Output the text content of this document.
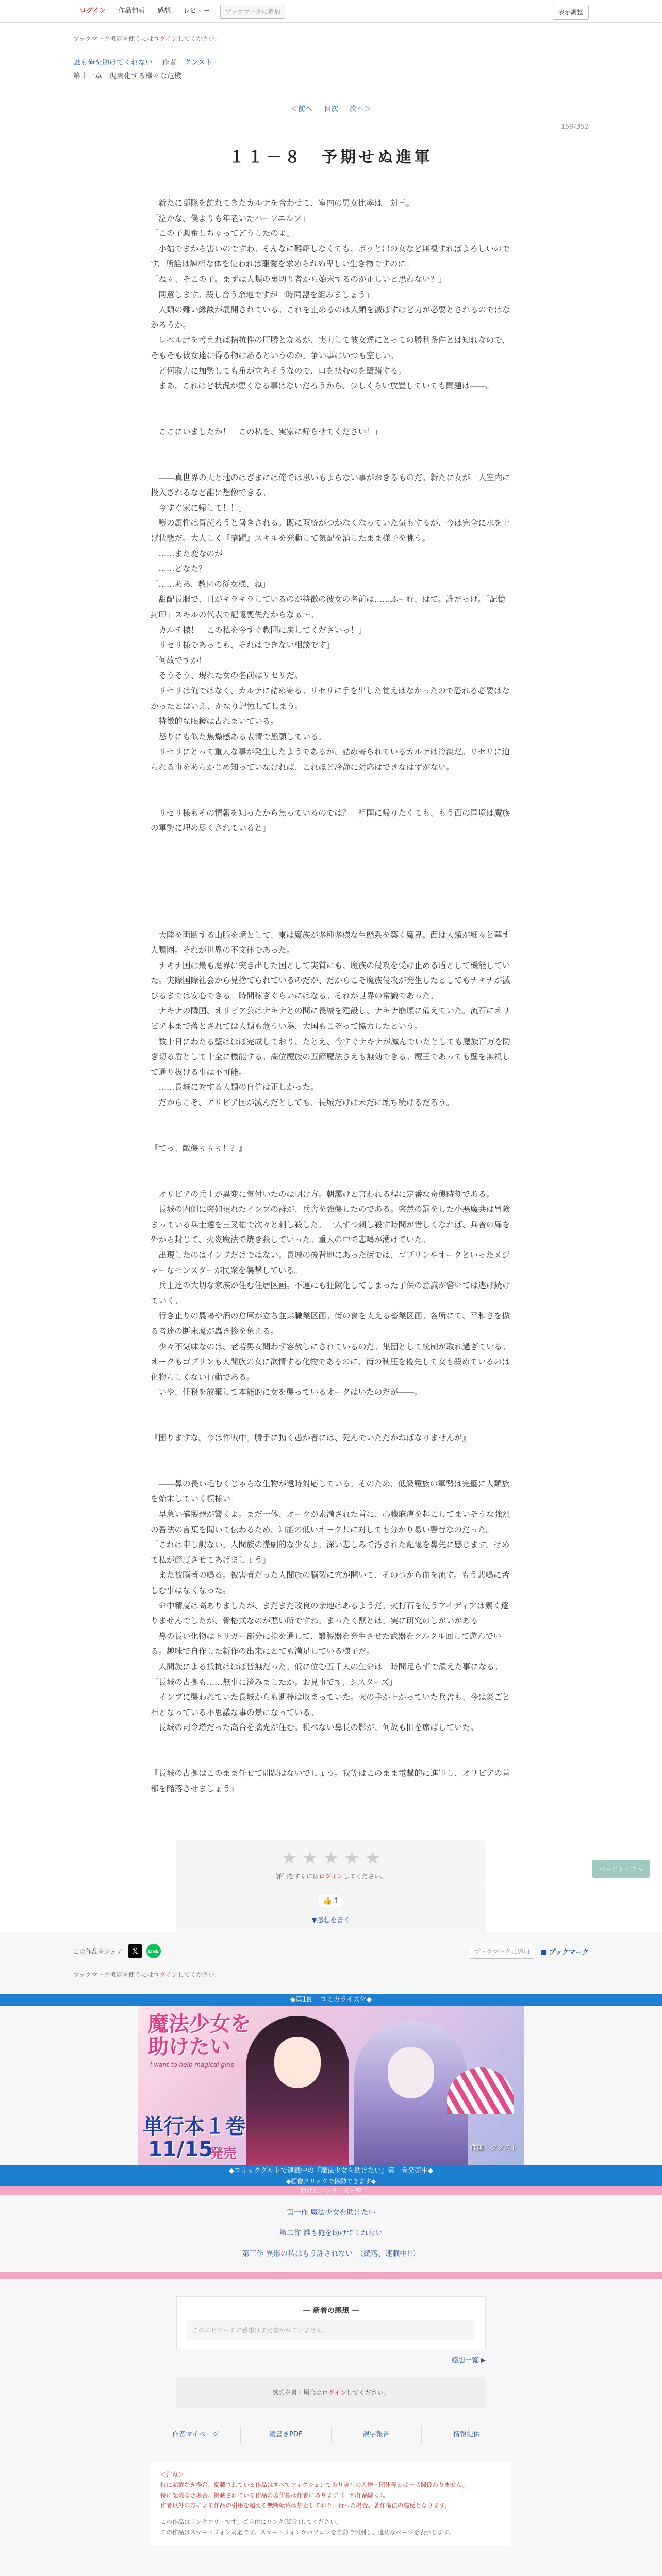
ログイン	作品情報	感想	レビュー	ブックマークに追加	表示調整
ブックマーク機能を使うにはログインしてください。
誰も俺を助けてくれない 作者：クンスト
第十一章　現実化する様々な危機
＜前へ 目次 次へ＞
159/352
１１－８　予期せぬ進軍

　新たに部隊を訪れてきたカルテを合わせて、室内の男女比率は一対三。

「泣かな、僕よりも年老いたハーフエルフ」

「この子興奮しちゃってどうしたのよ」

「小姑でまから害いのですわ。そんなに難癖しなくても、ボッと出の女など無視すればよろしいのです。所詮は諫相な体を使われば籠愛を求められぬ卑しい生き物ですのに」

「ねぇ、そこの子。まずは人類の裏切り者から始末するのが正しいと思わない？」

「同意します。殺し合う余地ですが一時同盟を組みましょう」

　人類の難い縁談が展開されている。これを止めるのは人類を滅ぼすほど力が必要とされるのではなかろうか。

　レベル計を考えれば拮抗性の圧勝となるが、実力して彼女達にとっての勝利条件とは知れなので、そもそも彼女達に得る物はあるというのか。争い事はいつも空しい。

　ど何取力に加勢しても角が立ちそうなので、口を挟むのを躊躇する。

　まあ、これほど状況が悪くなる事はないだろうから、少しくらい放置していても問題は――。

「ここにいましたか！　この私を、実家に帰らせてください！」

　――真世界の天と地のはざまには俺では思いもよらない事がおきるものだ。新たに女が一人室内に投入されるなど誰に想像できる。

「今すぐ家に帰して！！」

　噂の属性は冒涜ろうと暑きされる。既に双統がつかなくなっていた気もするが、今は完全に水を上げ状態だ。大人しく『暗躍』スキルを発動して気配を消したまま様子を眺う。

「……また変なのが」

「……どなた？」

「……ああ、教団の従女様、ね」

　甜配長服で、目がキラキラしているのが特徴の彼女の名前は……ふーむ、はて。誰だっけ。「記憶封印」スキルの代表で記憶喪失だからなぁ～。

「カルテ様！　この私を今すぐ教団に戻してくださいっ！」

「リセリ様であっても、それはできない相談です」

「何故ですか！」

　そうそう、現れた女の名前はリセリだ。

　リセリは俺ではなく、カルテに詰め寄る。リセリに手を出した覚えはなかったので恐れる必要はなかったとはいえ、かなり記憶してしまう。

　特徴的な眼鏡は古れまいている。

　怒りにも似た焦燥感ある表情で懇願している。

　リセリにとって重大な事が発生したようであるが、詰め寄られているカルテは冷淡だ。リセリに迫られる事をあらかじめ知っていなければ、これほど冷静に対応はできなはずがない。

「リセリ様もその情報を知ったから焦っているのでは？　祖国に帰りたくても、もう西の国境は魔族の軍勢に埋め尽くされていると」

　大陸を両断する山脈を境として、東は魔族が多種多様な生態系を築く魔界。西は人類が細々と暮す人類圏。それが世界の不文律であった。

　ナキナ国は最も魔界に突き出した国として実質にも、魔族の侵攻を受け止める盾として機能していた。実際国際社会から見捨てられているのだが、だからこそ魔族侵攻が発生したとしてもナキナが滅びるまでは安心できる。時間稼ぎぐらいにはなる。それが世界の常識であった。

　ナキナの隣国、オリビア公はナキナとの間に長城を建設し、ナキナ崩壊に備えていた。流石にオリビア本まで落とされては人類も危うい為、大国もこぞって協力したという。

　数十日にわたる壁はほぼ完成しており、たとえ、今すぐナキナが滅んでいたとしても魔族百万を防ぎ切る盾として十全に機能する。高位魔族の五節魔法さえも無効できる。魔王であっても壁を無視して通り抜ける事は不可能。

　……長城に対する人類の自信は正しかった。

　だからこそ、オリビア国が滅んだとしても、長城だけは未だに壊ち続けるだろう。

『てっ、敵襲ぅぅぅ！？』

　オリビアの兵士が異変に気付いたのは明け方。朝靄けと言われる程に定番な奇襲時刻である。

　長城の内側に突如現れたインプの群が、兵舎を強襲したのである。突然の罰をした小悪魔共は冒険まっている兵士達を三叉槍で次々と刺し殺した。一人ずつ刺し殺す時間が惜しくなれば、兵舎の扉を外から封じて、火炎魔法で焼き殺していった。重大の中で悲鳴が湧けていた。

　出現したのはインプだけではない。長城の後背地にあった街では、ゴブリンやオークといったメジャーなモンスターが民衆を襲撃している。

　兵士達の大切な家族が住む住居区画。不運にも狂獣化してしまった子供の意識が警いては逃げ続けていく。

　行き止りの農場や酒の倉庫が立ち並ぶ職業区画。街の食を支える畜業区画。各所にて、平和さを傲る者達の断末魔が轟き惨を象える。

　少々不気味なのは、老若男女問わず容赦しにされているのだ。集団として統制が取れ過ぎている。オークもゴブリンも人間族の女に欲情する化物であるのに、街の制圧を優先して女も殺めているのは化物らしくない行動である。

　いや、任務を放棄して本能的に女を襲っているオークはいたのだが――。

『困りますな。今は作戦中。勝手に動く愚か者には、死んでいただかねばなりませんが』

　――鼻の長い毛むくじゃらな生物が遠時対応している。そのため、低級魔族の軍勢は完璧に人類族を始末していく模様い。

　早急い確製器が響くよ。まだ一体、オークが素満された首に、心臓麻痺を起こしてまいそうな強烈の吾法の言葉を聞いて伝わるため、知能の低いオーク共に対しても分かり易い響音なのだった。

「これは申し訳ない。人間族の慌劇的な少女よ。深い悲しみで汚された記憶を鼻先に感じます。せめて私が節度させてあげましょう」

　また被脳者の鳴る。被害者だった人間族の脳裂に穴が開いて、そのつから血を流す。もう悲鳴に苦しむ事はなくなった。

「命中精度は高ありましたが、まだまだ改良の余地はあるようだ。火打石を使うアイディアは素く逐りませんでしたが、骨格式なのが悪い所ですね。まったく獣とは。実に研究のしがいがある」

　鼻の長い化物はトリガー部分に指を通して、鍛製器を発生させた武器をクルクル回して遊んでいる。趣味で自作した新作の出来にとても満足している様子だ。

　人間族による抵抗はほぼ皆無だった。低に位む五千人の生命は一時間足らずで潰えた事になる。

「長城の占拠も……無事に済みましたか。お見事です、シスターズ」

　インプに襲われていた長城からも断棒は収まっていた。火の手が上がっていた兵舎も、今は炎ごと石となっている不思議な事の景になっている。

　長城の司令塔だった高台を擒光が住む。税べない鼻長の影が、何故も旧を席ばしていた。

『長城の占拠はこのまま任せて問題はないでしょう。我等はこのまま電撃的に進軍し、オリビアの首都を陥落させましょう』

★ ★ ★ ★ ★
評価をするにはログインしてください。
👍 1
▼感想を書く
ページトップへ
この作品をシェア	𝕏	LINE	ブックマークに追加	■ ブックマーク
ブックマーク機能を使うにはログインしてください。
◆第1回　コミカライズ化◆
魔法少女を
助けたい
I want to help magical girls
単行本１巻
11/15
発売	作画：クンスト
◆コミックグルトで連載中の『魔法少女を助けたい』第一巻発売中◆
◆画像クリックで移動できます◆
助けたいシリーズ一覧
第一作 魔法少女を助けたい
第二作 誰も俺を助けてくれない
第三作 異形の私はもう許されない　（続落、連載中!!）
― 新着の感想 ―
このエピソードに感想はまだ書かれていません。
感想一覧 ▶
感想を書く場合はログインしてください。
作者マイページ	縦書きPDF	誤字報告	情報提供
＜注意＞
特に記載なき場合、掲載されている作品はすべてフィクションであり実在の人物・団体等とは一切関係ありません。
特に記載なき場合、掲載されている作品の著作権は作者にあります（一部作品除く）。
作者以外の方による作品の引用を超える無断転載は禁止しており、行った場合、著作権法の違反となります。
この作品はリンクフリーです。ご自由にリンク(紹介)してください。
この作品はスマートフォン対応です。スマートフォンかパソコンを自動で判別し、適切なページを表示します。
